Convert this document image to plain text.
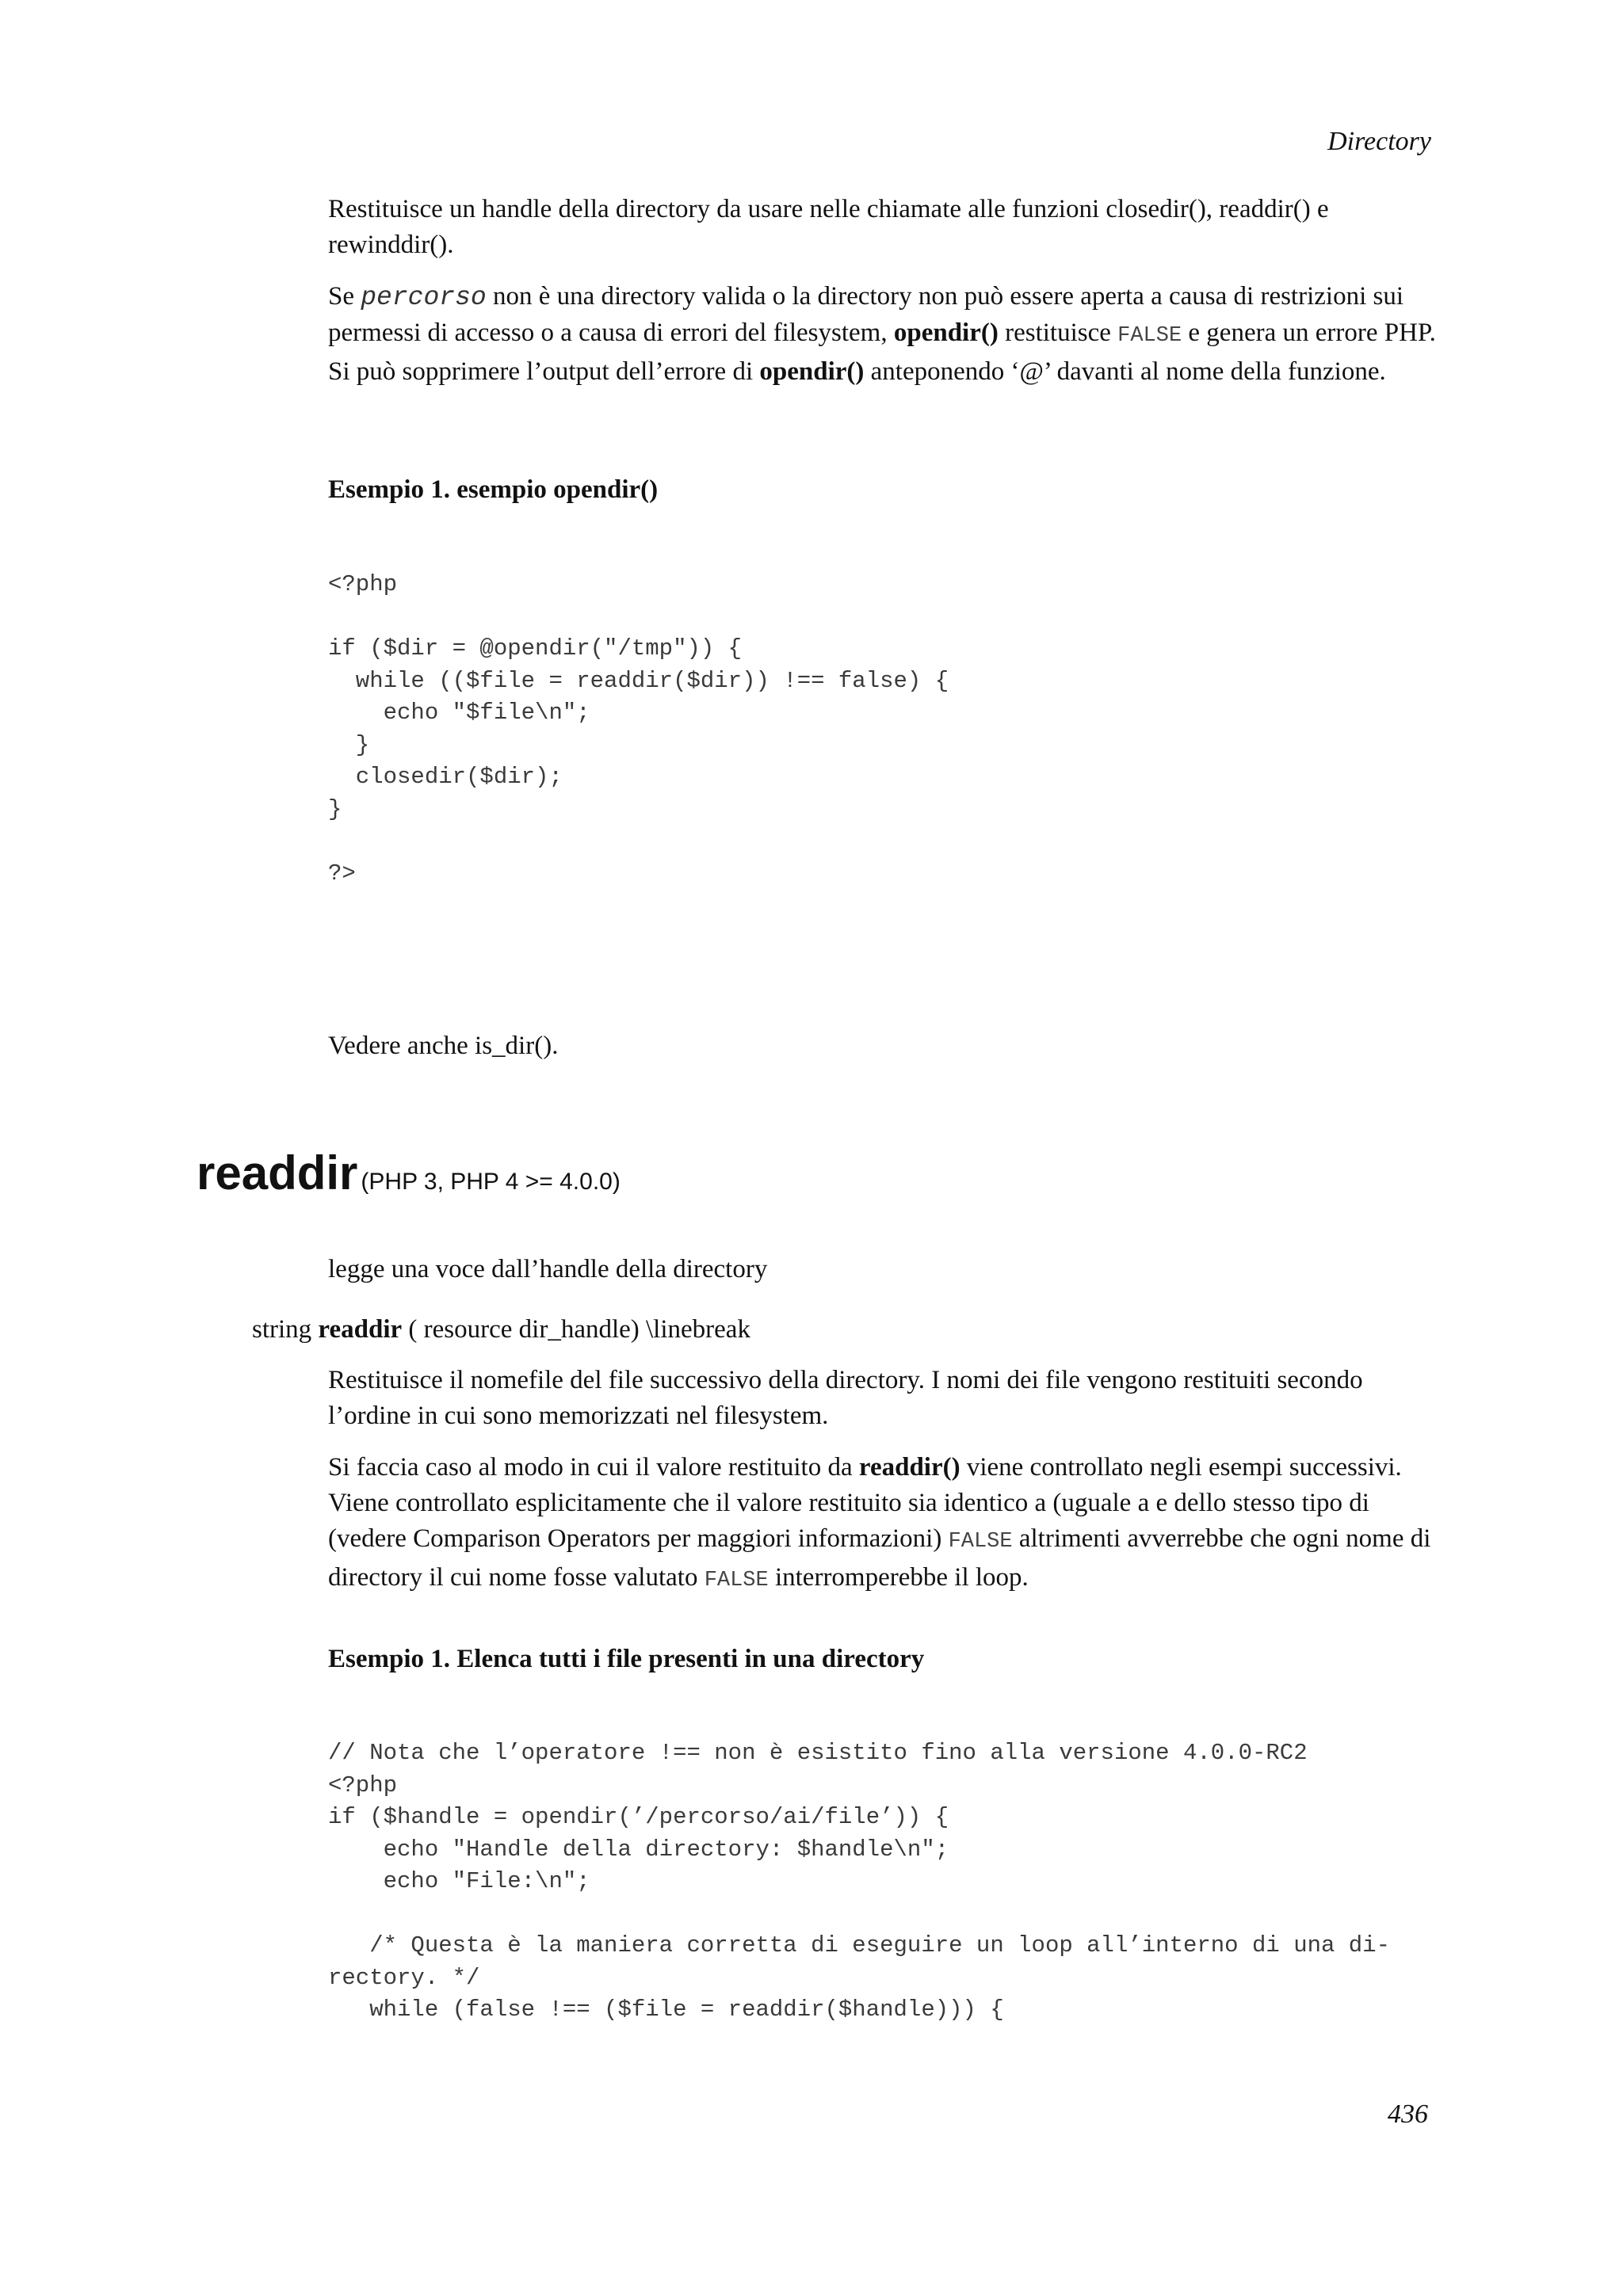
Directory

Restituisce un handle della directory da usare nelle chiamate alle funzioni closedir(), readdir() e rewinddir().

Se percorso non è una directory valida o la directory non può essere aperta a causa di restrizioni sui permessi di accesso o a causa di errori del filesystem, opendir() restituisce FALSE e genera un errore PHP. Si può sopprimere l’output dell’errore di opendir() anteponendo ‘@’ davanti al nome della funzione.

Esempio 1. esempio opendir()
<?php

if ($dir = @opendir("/tmp")) {
while (($file = readdir($dir)) !== false) {
echo "$file\n";
}
closedir($dir);
}

?>

Vedere anche is_dir().

readdir (PHP 3, PHP 4 >= 4.0.0)

legge una voce dall’handle della directory

string readdir ( resource dir_handle) \linebreak

Restituisce il nomefile del file successivo della directory. I nomi dei file vengono restituiti secondo l’ordine in cui sono memorizzati nel filesystem.

Si faccia caso al modo in cui il valore restituito da readdir() viene controllato negli esempi successivi. Viene controllato esplicitamente che il valore restituito sia identico a (uguale a e dello stesso tipo di (vedere Comparison Operators per maggiori informazioni) FALSE altrimenti avverrebbe che ogni nome di directory il cui nome fosse valutato FALSE interromperebbe il loop.

Esempio 1. Elenca tutti i file presenti in una directory
// Nota che l’operatore !== non è esistito fino alla versione 4.0.0-RC2
<?php
if ($handle = opendir(’/percorso/ai/file’)) {
echo "Handle della directory: $handle\n";
echo "File:\n";

/* Questa è la maniera corretta di eseguire un loop all’interno di una di-
rectory. */
while (false !== ($file = readdir($handle))) {
436
